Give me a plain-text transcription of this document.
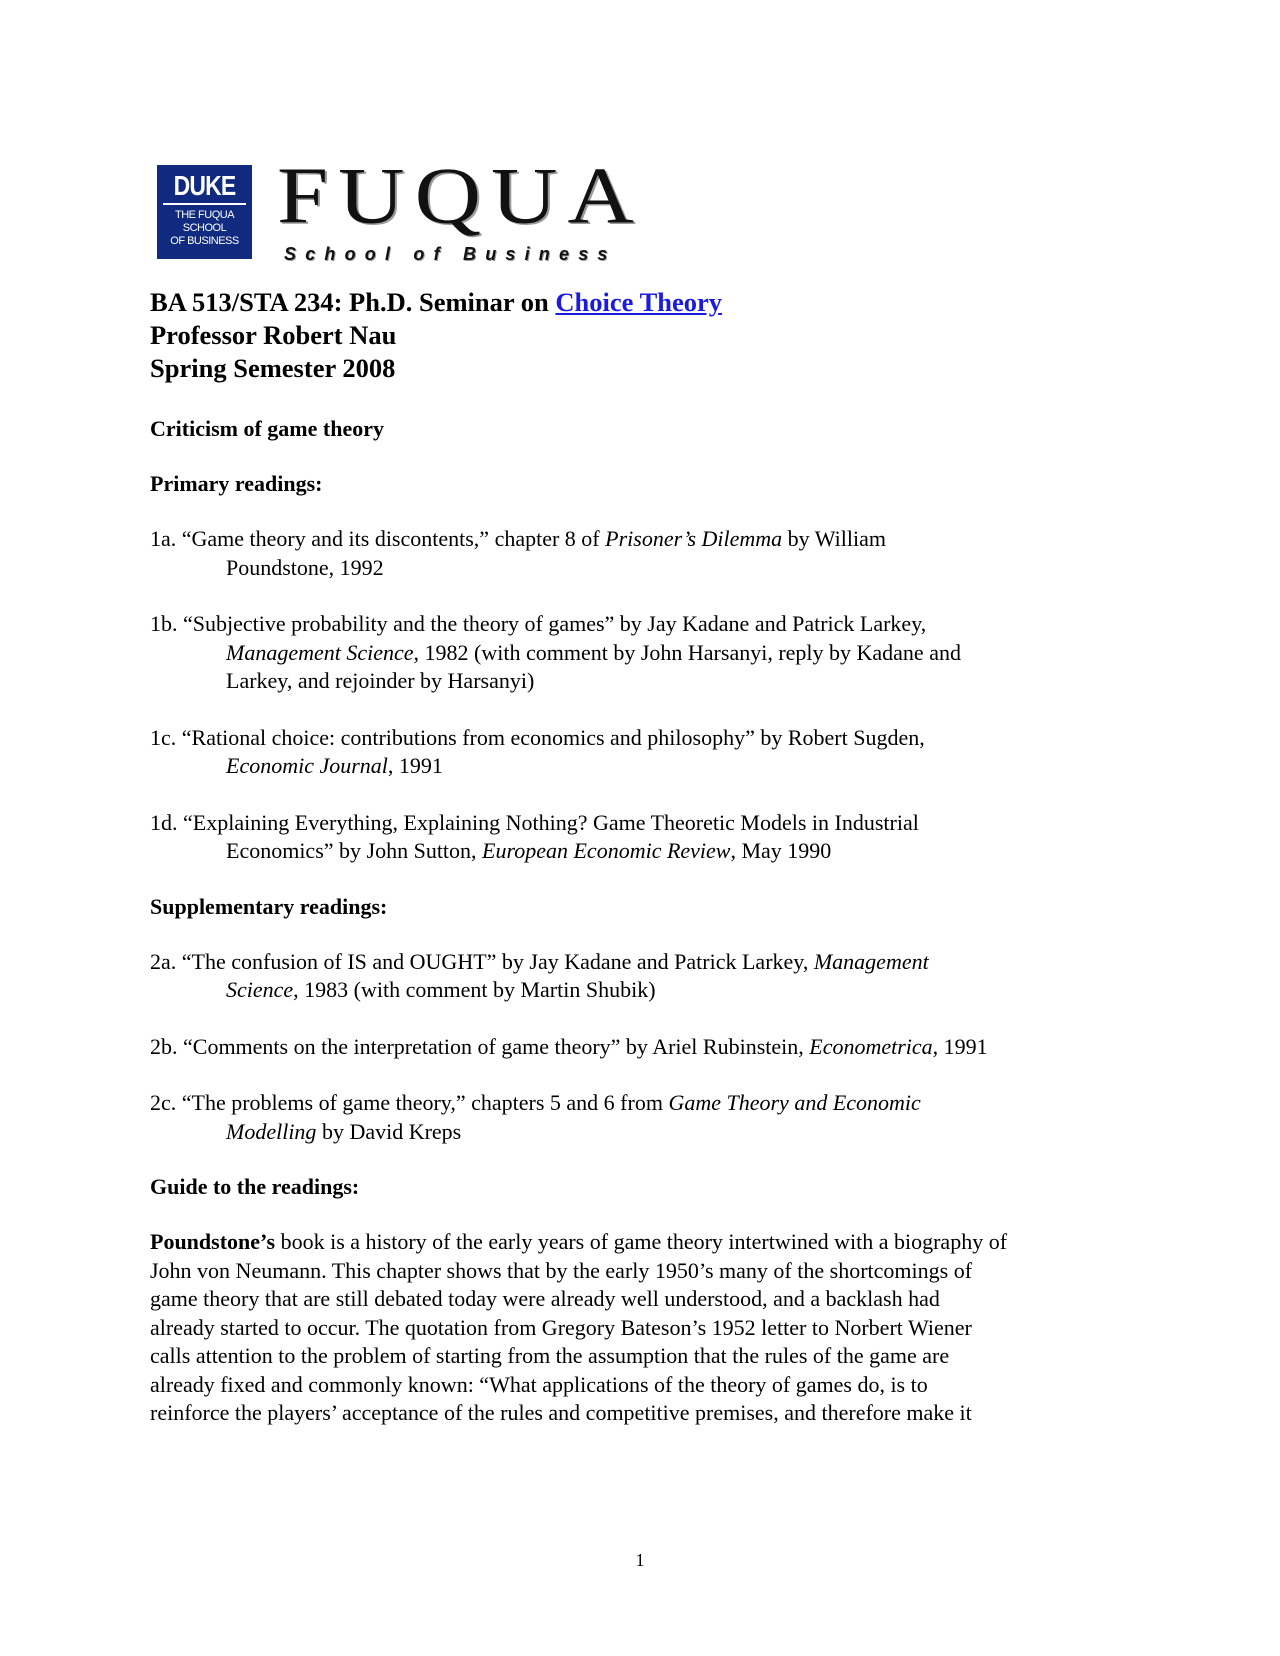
DUKE
THE FUQUA
SCHOOL
OF BUSINESS
FUQUA
School of Business

BA 513/STA 234: Ph.D. Seminar on Choice Theory

Professor Robert Nau

Spring Semester 2008

Criticism of game theory

Primary readings:

1a. “Game theory and its discontents,” chapter 8 of Prisoner’s Dilemma by William
Poundstone, 1992

1b. “Subjective probability and the theory of games” by Jay Kadane and Patrick Larkey,
Management Science, 1982 (with comment by John Harsanyi, reply by Kadane and
Larkey, and rejoinder by Harsanyi)

1c. “Rational choice: contributions from economics and philosophy” by Robert Sugden,
Economic Journal, 1991

1d. “Explaining Everything, Explaining Nothing? Game Theoretic Models in Industrial
Economics” by John Sutton, European Economic Review, May 1990

Supplementary readings:

2a. “The confusion of IS and OUGHT” by Jay Kadane and Patrick Larkey, Management
Science, 1983 (with comment by Martin Shubik)

2b. “Comments on the interpretation of game theory” by Ariel Rubinstein, Econometrica, 1991

2c. “The problems of game theory,” chapters 5 and 6 from Game Theory and Economic
Modelling by David Kreps

Guide to the readings:

Poundstone’s book is a history of the early years of game theory intertwined with a biography of
John von Neumann. This chapter shows that by the early 1950’s many of the shortcomings of
game theory that are still debated today were already well understood, and a backlash had
already started to occur. The quotation from Gregory Bateson’s 1952 letter to Norbert Wiener
calls attention to the problem of starting from the assumption that the rules of the game are
already fixed and commonly known: “What applications of the theory of games do, is to
reinforce the players’ acceptance of the rules and competitive premises, and therefore make it

1
